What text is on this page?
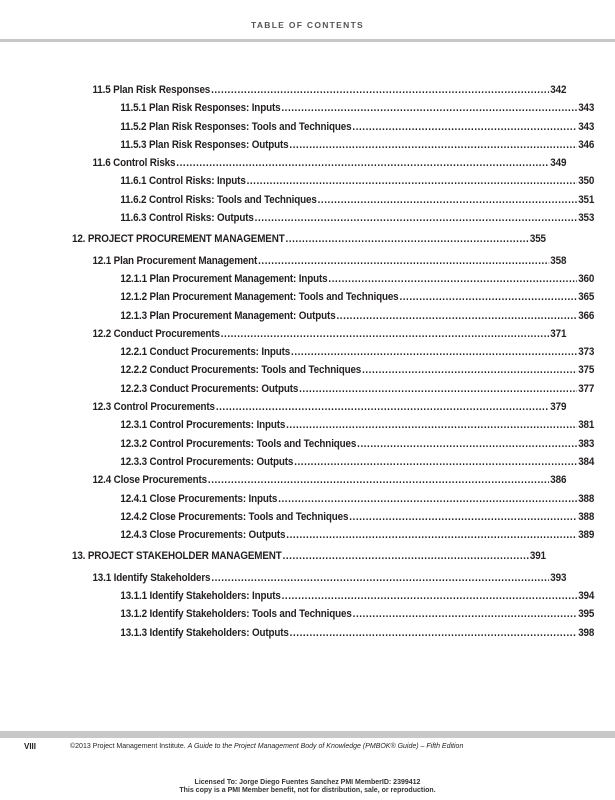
TABLE OF CONTENTS
11.5 Plan Risk Responses .....	342
11.5.1 Plan Risk Responses: Inputs .....	343
11.5.2 Plan Risk Responses: Tools and Techniques .....	343
11.5.3 Plan Risk Responses: Outputs .....	346
11.6 Control Risks .....	349
11.6.1 Control Risks: Inputs .....	350
11.6.2 Control Risks: Tools and Techniques .....	351
11.6.3 Control Risks: Outputs .....	353
12. PROJECT PROCUREMENT MANAGEMENT .....	355
12.1 Plan Procurement Management .....	358
12.1.1 Plan Procurement Management: Inputs .....	360
12.1.2 Plan Procurement Management: Tools and Techniques .....	365
12.1.3 Plan Procurement Management: Outputs .....	366
12.2 Conduct Procurements .....	371
12.2.1 Conduct Procurements: Inputs .....	373
12.2.2 Conduct Procurements: Tools and Techniques .....	375
12.2.3 Conduct Procurements: Outputs .....	377
12.3 Control Procurements .....	379
12.3.1 Control Procurements: Inputs .....	381
12.3.2 Control Procurements: Tools and Techniques .....	383
12.3.3 Control Procurements: Outputs .....	384
12.4 Close Procurements .....	386
12.4.1 Close Procurements: Inputs .....	388
12.4.2 Close Procurements: Tools and Techniques .....	388
12.4.3 Close Procurements: Outputs .....	389
13. PROJECT STAKEHOLDER MANAGEMENT .....	391
13.1 Identify Stakeholders .....	393
13.1.1 Identify Stakeholders: Inputs .....	394
13.1.2 Identify Stakeholders: Tools and Techniques .....	395
13.1.3 Identify Stakeholders: Outputs .....	398
VIII	©2013 Project Management Institute. A Guide to the Project Management Body of Knowledge (PMBOK® Guide) – Fifth Edition
Licensed To: Jorge Diego Fuentes Sanchez PMI MemberID: 2399412
This copy is a PMI Member benefit, not for distribution, sale, or reproduction.
